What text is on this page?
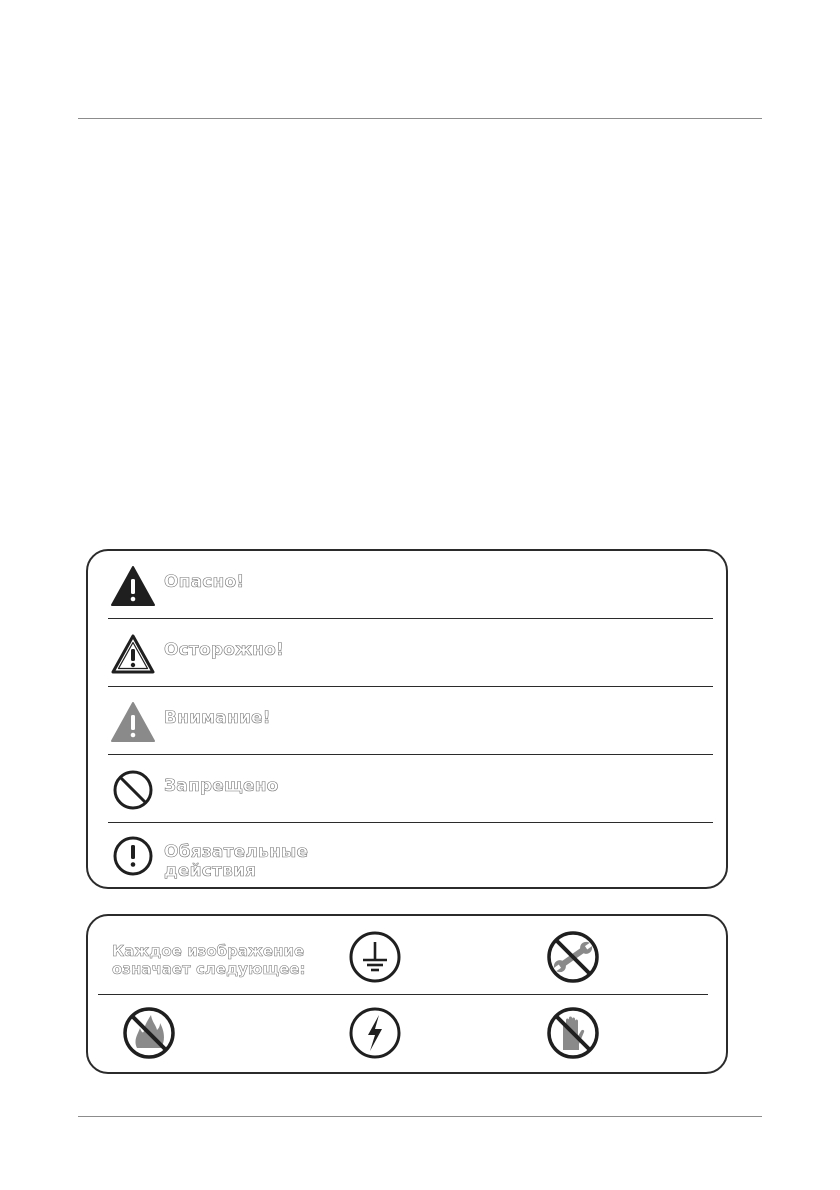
Опасно!
Осторожно!
Внимание!
Запрещено
Обязательные
действия
Каждое изображение
означает следующее:
